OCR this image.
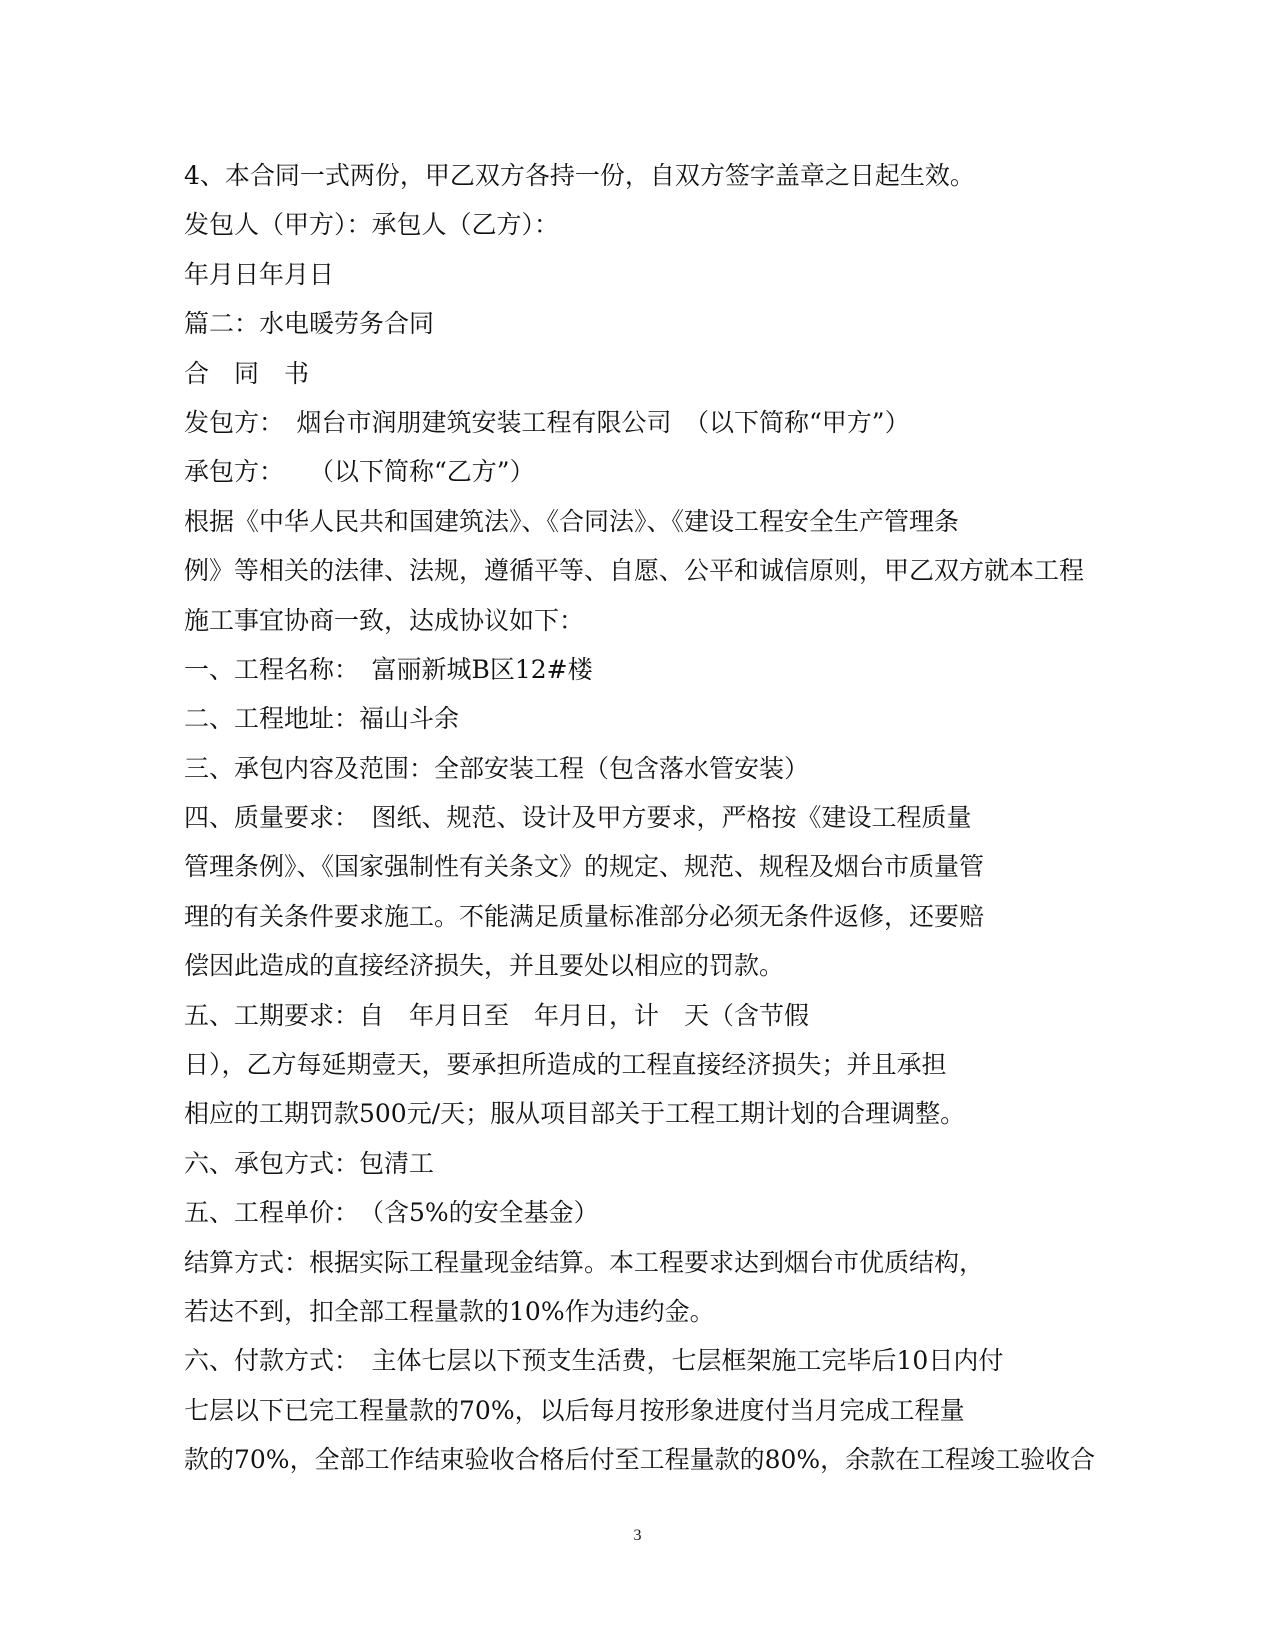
4、本合同一式两份，甲乙双方各持一份，自双方签字盖章之日起生效。
发包人（甲方）：承包人（乙方）：
年月日年月日
篇二：水电暖劳务合同
合　同　书
发包方：　烟台市润朋建筑安装工程有限公司　（以下简称“甲方”）
承包方：　　（以下简称“乙方”）
根据《中华人民共和国建筑法》、《合同法》、《建设工程安全生产管理条
例》等相关的法律、法规，遵循平等、自愿、公平和诚信原则，甲乙双方就本工程
施工事宜协商一致，达成协议如下：
一、工程名称：　富丽新城B区12#楼
二、工程地址：福山斗余
三、承包内容及范围：全部安装工程（包含落水管安装）
四、质量要求：　图纸、规范、设计及甲方要求，严格按《建设工程质量
管理条例》、《国家强制性有关条文》的规定、规范、规程及烟台市质量管
理的有关条件要求施工。不能满足质量标准部分必须无条件返修，还要赔
偿因此造成的直接经济损失，并且要处以相应的罚款。
五、工期要求：自　年月日至　年月日，计　天（含节假
日），乙方每延期壹天，要承担所造成的工程直接经济损失；并且承担
相应的工期罚款500元/天；服从项目部关于工程工期计划的合理调整。
六、承包方式：包清工
五、工程单价：　（含5%的安全基金）
结算方式：根据实际工程量现金结算。本工程要求达到烟台市优质结构，
若达不到，扣全部工程量款的10%作为违约金。
六、付款方式：　主体七层以下预支生活费，七层框架施工完毕后10日内付
七层以下已完工程量款的70%，以后每月按形象进度付当月完成工程量
款的70%，全部工作结束验收合格后付至工程量款的80%，余款在工程竣工验收合
3
